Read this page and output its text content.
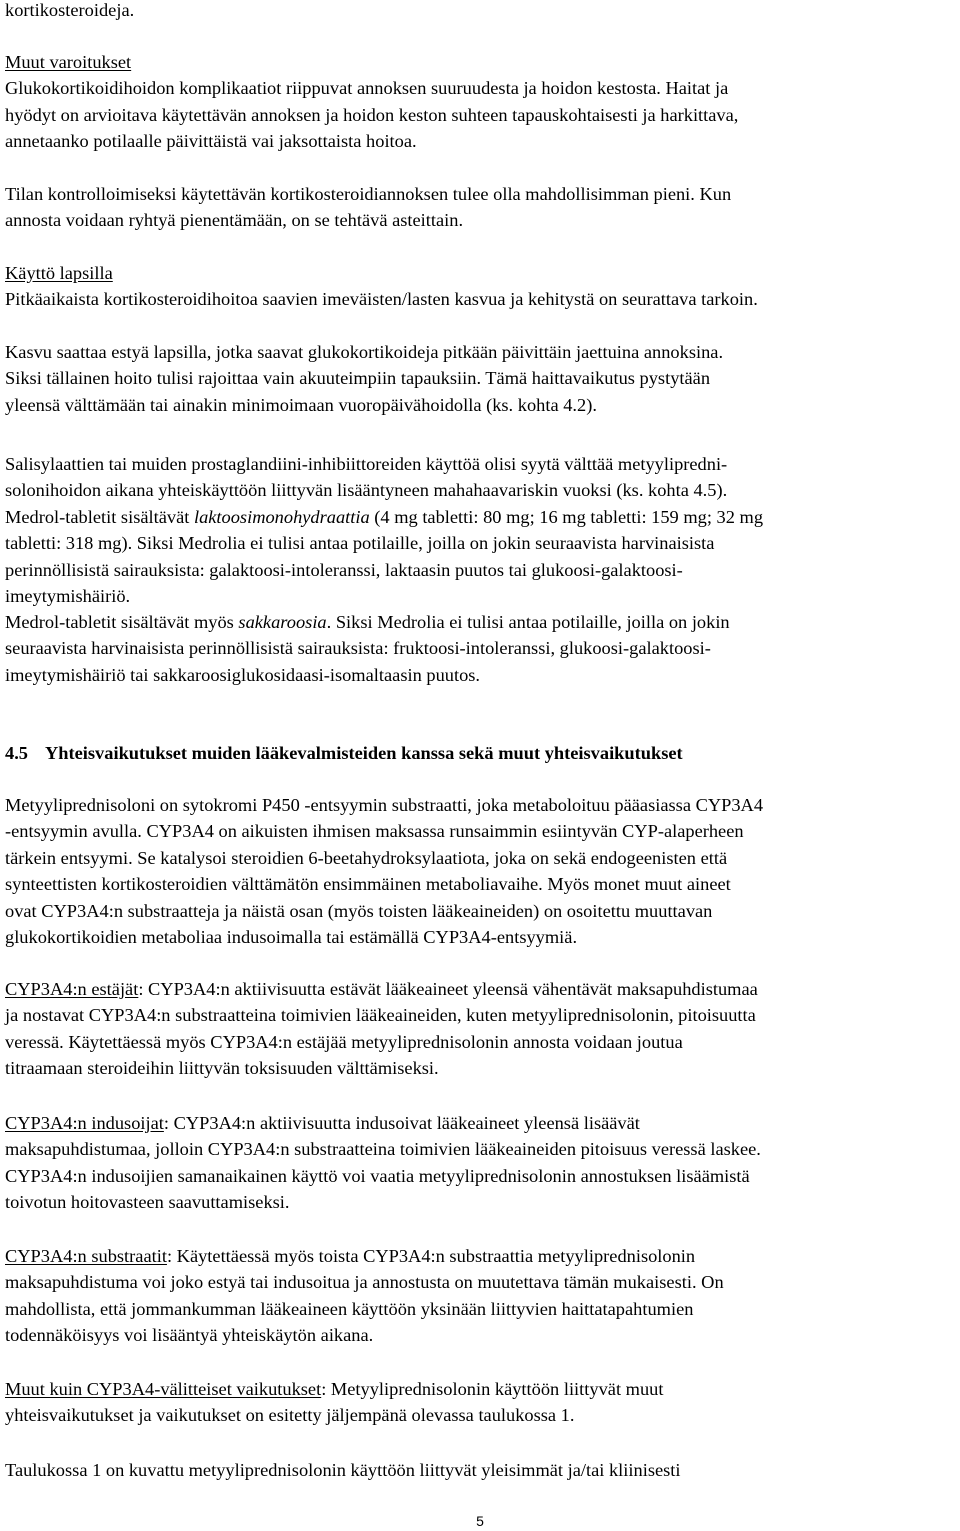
kortikosteroideja.
Muut varoitukset
Glukokortikoidihoidon komplikaatiot riippuvat annoksen suuruudesta ja hoidon kestosta. Haitat ja
hyödyt on arvioitava käytettävän annoksen ja hoidon keston suhteen tapauskohtaisesti ja harkittava,
annetaanko potilaalle päivittäistä vai jaksottaista hoitoa.
Tilan kontrolloimiseksi käytettävän kortikosteroidiannoksen tulee olla mahdollisimman pieni. Kun
annosta voidaan ryhtyä pienentämään, on se tehtävä asteittain.
Käyttö lapsilla
Pitkäaikaista kortikosteroidihoitoa saavien imeväisten/lasten kasvua ja kehitystä on seurattava tarkoin.
Kasvu saattaa estyä lapsilla, jotka saavat glukokortikoideja pitkään päivittäin jaettuina annoksina.
Siksi tällainen hoito tulisi rajoittaa vain akuuteimpiin tapauksiin. Tämä haittavaikutus pystytään
yleensä välttämään tai ainakin minimoimaan vuoropäivähoidolla (ks. kohta 4.2).
Salisylaattien tai muiden prostaglandiini-inhibiittoreiden käyttöä olisi syytä välttää metyylipredni-
solonihoidon aikana yhteiskäyttöön liittyvän lisääntyneen mahahaavariskin vuoksi (ks. kohta 4.5).
Medrol-tabletit sisältävät laktoosimonohydraattia (4 mg tabletti: 80 mg; 16 mg tabletti: 159 mg; 32 mg
tabletti: 318 mg). Siksi Medrolia ei tulisi antaa potilaille, joilla on jokin seuraavista harvinaisista
perinnöllisistä sairauksista: galaktoosi-intoleranssi, laktaasin puutos tai glukoosi-galaktoosi-
imeytymishäiriö.
Medrol-tabletit sisältävät myös sakkaroosia. Siksi Medrolia ei tulisi antaa potilaille, joilla on jokin
seuraavista harvinaisista perinnöllisistä sairauksista: fruktoosi-intoleranssi, glukoosi-galaktoosi-
imeytymishäiriö tai sakkaroosiglukosidaasi-isomaltaasin puutos.
4.5 Yhteisvaikutukset muiden lääkevalmisteiden kanssa sekä muut yhteisvaikutukset
Metyyliprednisoloni on sytokromi P450 -entsyymin substraatti, joka metaboloituu pääasiassa CYP3A4
-entsyymin avulla. CYP3A4 on aikuisten ihmisen maksassa runsaimmin esiintyvän CYP-alaperheen
tärkein entsyymi. Se katalysoi steroidien 6-beetahydroksylaatiota, joka on sekä endogeenisten että
synteettisten kortikosteroidien välttämätön ensimmäinen metaboliavaihe. Myös monet muut aineet
ovat CYP3A4:n substraatteja ja näistä osan (myös toisten lääkeaineiden) on osoitettu muuttavan
glukokortikoidien metaboliaa indusoimalla tai estämällä CYP3A4-entsyymiä.
CYP3A4:n estäjät: CYP3A4:n aktiivisuutta estävät lääkeaineet yleensä vähentävät maksapuhdistumaa
ja nostavat CYP3A4:n substraatteina toimivien lääkeaineiden, kuten metyyliprednisolonin, pitoisuutta
veressä. Käytettäessä myös CYP3A4:n estäjää metyyliprednisolonin annosta voidaan joutua
titraamaan steroideihin liittyvän toksisuuden välttämiseksi.
CYP3A4:n indusoijat: CYP3A4:n aktiivisuutta indusoivat lääkeaineet yleensä lisäävät
maksapuhdistumaa, jolloin CYP3A4:n substraatteina toimivien lääkeaineiden pitoisuus veressä laskee.
CYP3A4:n indusoijien samanaikainen käyttö voi vaatia metyyliprednisolonin annostuksen lisäämistä
toivotun hoitovasteen saavuttamiseksi.
CYP3A4:n substraatit: Käytettäessä myös toista CYP3A4:n substraattia metyyliprednisolonin
maksapuhdistuma voi joko estyä tai indusoitua ja annostusta on muutettava tämän mukaisesti. On
mahdollista, että jommankumman lääkeaineen käyttöön yksinään liittyvien haittatapahtumien
todennäköisyys voi lisääntyä yhteiskäytön aikana.
Muut kuin CYP3A4-välitteiset vaikutukset: Metyyliprednisolonin käyttöön liittyvät muut
yhteisvaikutukset ja vaikutukset on esitetty jäljempänä olevassa taulukossa 1.
Taulukossa 1 on kuvattu metyyliprednisolonin käyttöön liittyvät yleisimmät ja/tai kliinisesti
5
